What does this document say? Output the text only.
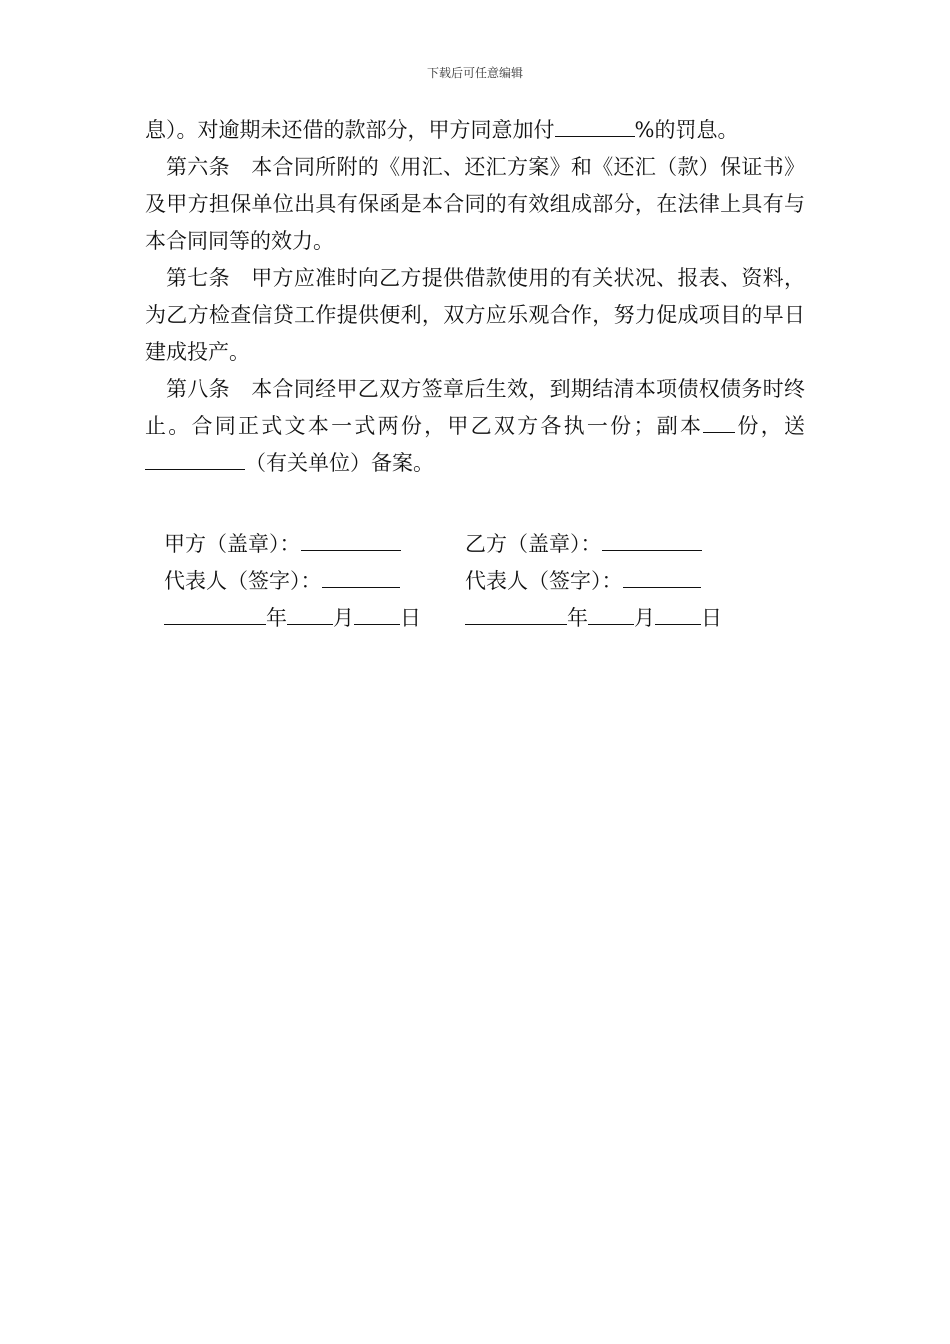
下载后可任意编辑

息）。对逾期未还借的款部分，甲方同意加付	%的罚息。

第六条　本合同所附的《用汇、还汇方案》和《还汇（款）保证书》及甲方担保单位出具有保函是本合同的有效组成部分，在法律上具有与本合同同等的效力。

第七条　甲方应准时向乙方提供借款使用的有关状况、报表、资料，为乙方检查信贷工作提供便利，双方应乐观合作，努力促成项目的早日建成投产。

第八条　本合同经甲乙双方签章后生效，到期结清本项债权债务时终止。合同正式文本一式两份，甲乙双方各执一份；副本 份，送（有关单位）备案。

甲方（盖章）：	乙方（盖章）：
代表人（签字）：	代表人（签字）：
年 月 日	年 月 日
